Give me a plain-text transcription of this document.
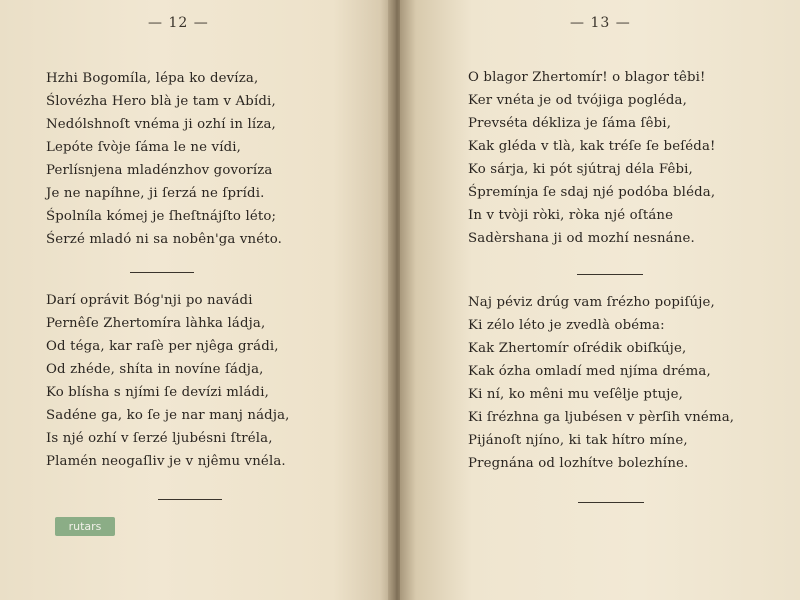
— 12 —
Hzhi Bogomíla, lépa ko devíza,
Ślovézha Hero blà je tam v Abídi,
Nedólshnoſt vnéma ji ozhí in líza,
Lepóte ſvòje ſáma le ne vídi,
Perlísnjena mladénzhov govoríza
Je ne napíhne, ji ſerzá ne ſprídi.
Śpolníla kómej je ſheſtnájſto léto;
Śerzé mladó ni sa nobên'ga vnéto.
Darí oprávit Bóg'nji po navádi
Pernêſe Zhertomíra làhka ládja,
Od téga, kar raſè per njêga grádi,
Od zhéde, shíta in novíne ſádja,
Ko blísha s njími ſe devízi mládi,
Sadéne ga, ko ſe je nar manj nádja,
Is njé ozhí v ſerzé ljubésni ſtréla,
Plamén neogaſliv je v njêmu vnéla.
rutars
— 13 —
O blagor Zhertomír! o blagor têbi!
Ker vnéta je od tvójiga pogléda,
Prevséta dékliza je ſáma ſêbi,
Kak gléda v tlà, kak tréſe ſe beſéda!
Ko sárja, ki pót sjútraj déla Fêbi,
Śpremínja ſe sdaj njé podóba bléda,
In v tvòji ròki, ròka njé oſtáne
Sadèrshana ji od mozhí nesnáne.
Naj péviz drúg vam ſrézho popiſúje,
Ki zélo léto je zvedlà obéma:
Kak Zhertomír oſrédik obiſkúje,
Kak ózha omladí med njíma dréma,
Ki ní, ko mêni mu veſêlje ptuje,
Ki ſrézhna ga ljubésen v pèrſih vnéma,
Pijánoſt njíno, ki tak hítro míne,
Pregnána od lozhítve bolezhíne.
